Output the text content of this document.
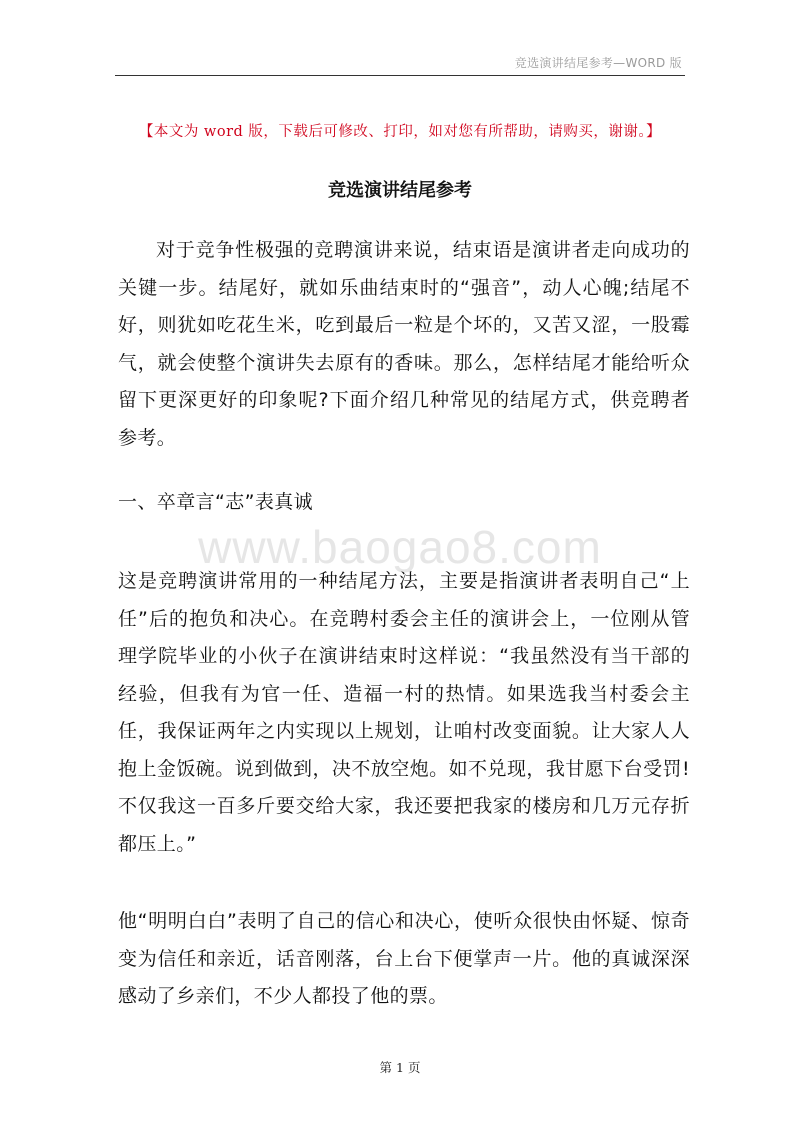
竞选演讲结尾参考—WORD 版
【本文为 word 版，下载后可修改、打印，如对您有所帮助，请购买，谢谢。】
竞选演讲结尾参考
www.baogao8.com
对于竞争性极强的竞聘演讲来说，结束语是演讲者走向成功的关键一步。结尾好，就如乐曲结束时的“强音”，动人心魄;结尾不好，则犹如吃花生米，吃到最后一粒是个坏的，又苦又涩，一股霉气，就会使整个演讲失去原有的香味。那么，怎样结尾才能给听众留下更深更好的印象呢?下面介绍几种常见的结尾方式，供竞聘者参考。
一、卒章言“志”表真诚
这是竞聘演讲常用的一种结尾方法，主要是指演讲者表明自己“上任”后的抱负和决心。在竞聘村委会主任的演讲会上，一位刚从管理学院毕业的小伙子在演讲结束时这样说：“我虽然没有当干部的经验，但我有为官一任、造福一村的热情。如果选我当村委会主任，我保证两年之内实现以上规划，让咱村改变面貌。让大家人人抱上金饭碗。说到做到，决不放空炮。如不兑现，我甘愿下台受罚!不仅我这一百多斤要交给大家，我还要把我家的楼房和几万元存折都压上。”
他“明明白白”表明了自己的信心和决心，使听众很快由怀疑、惊奇变为信任和亲近，话音刚落，台上台下便掌声一片。他的真诚深深感动了乡亲们，不少人都投了他的票。
第 1 页
